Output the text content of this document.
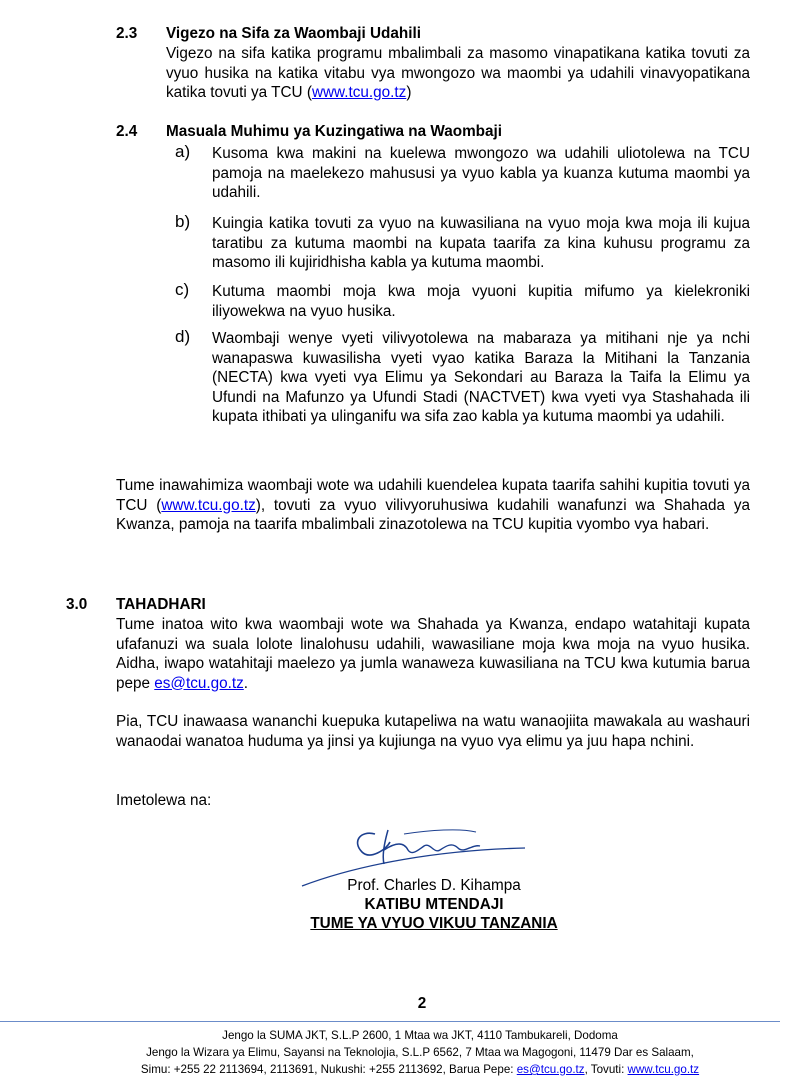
2.3 Vigezo na Sifa za Waombaji Udahili
Vigezo na sifa katika programu mbalimbali za masomo vinapatikana katika tovuti za vyuo husika na katika vitabu vya mwongozo wa maombi ya udahili vinavyopatikana katika tovuti ya TCU (www.tcu.go.tz)
2.4 Masuala Muhimu ya Kuzingatiwa na Waombaji
a) Kusoma kwa makini na kuelewa mwongozo wa udahili uliotolewa na TCU pamoja na maelekezo mahususi ya vyuo kabla ya kuanza kutuma maombi ya udahili.
b) Kuingia katika tovuti za vyuo na kuwasiliana na vyuo moja kwa moja ili kujua taratibu za kutuma maombi na kupata taarifa za kina kuhusu programu za masomo ili kujiridhisha kabla ya kutuma maombi.
c) Kutuma maombi moja kwa moja vyuoni kupitia mifumo ya kielekroniki iliyowekwa na vyuo husika.
d) Waombaji wenye vyeti vilivyotolewa na mabaraza ya mitihani nje ya nchi wanapaswa kuwasilisha vyeti vyao katika Baraza la Mitihani la Tanzania (NECTA) kwa vyeti vya Elimu ya Sekondari au Baraza la Taifa la Elimu ya Ufundi na Mafunzo ya Ufundi Stadi (NACTVET) kwa vyeti vya Stashahada ili kupata ithibati ya ulinganifu wa sifa zao kabla ya kutuma maombi ya udahili.
Tume inawahimiza waombaji wote wa udahili kuendelea kupata taarifa sahihi kupitia tovuti ya TCU (www.tcu.go.tz), tovuti za vyuo vilivyoruhusiwa kudahili wanafunzi wa Shahada ya Kwanza, pamoja na taarifa mbalimbali zinazotolewa na TCU kupitia vyombo vya habari.
3.0 TAHADHARI
Tume inatoa wito kwa waombaji wote wa Shahada ya Kwanza, endapo watahitaji kupata ufafanuzi wa suala lolote linalohusu udahili, wawasiliane moja kwa moja na vyuo husika. Aidha, iwapo watahitaji maelezo ya jumla wanaweza kuwasiliana na TCU kwa kutumia barua pepe es@tcu.go.tz.
Pia, TCU inawaasa wananchi kuepuka kutapeliwa na watu wanaojiita mawakala au washauri wanaodai wanatoa huduma ya jinsi ya kujiunga na vyuo vya elimu ya juu hapa nchini.
Imetolewa na:
Prof. Charles D. Kihampa
KATIBU MTENDAJI
TUME YA VYUO VIKUU TANZANIA
2
Jengo la SUMA JKT, S.L.P 2600, 1 Mtaa wa JKT, 4110 Tambukareli, Dodoma
Jengo la Wizara ya Elimu, Sayansi na Teknolojia, S.L.P 6562, 7 Mtaa wa Magogoni, 11479 Dar es Salaam,
Simu: +255 22 2113694, 2113691, Nukushi: +255 2113692, Barua Pepe: es@tcu.go.tz, Tovuti: www.tcu.go.tz
